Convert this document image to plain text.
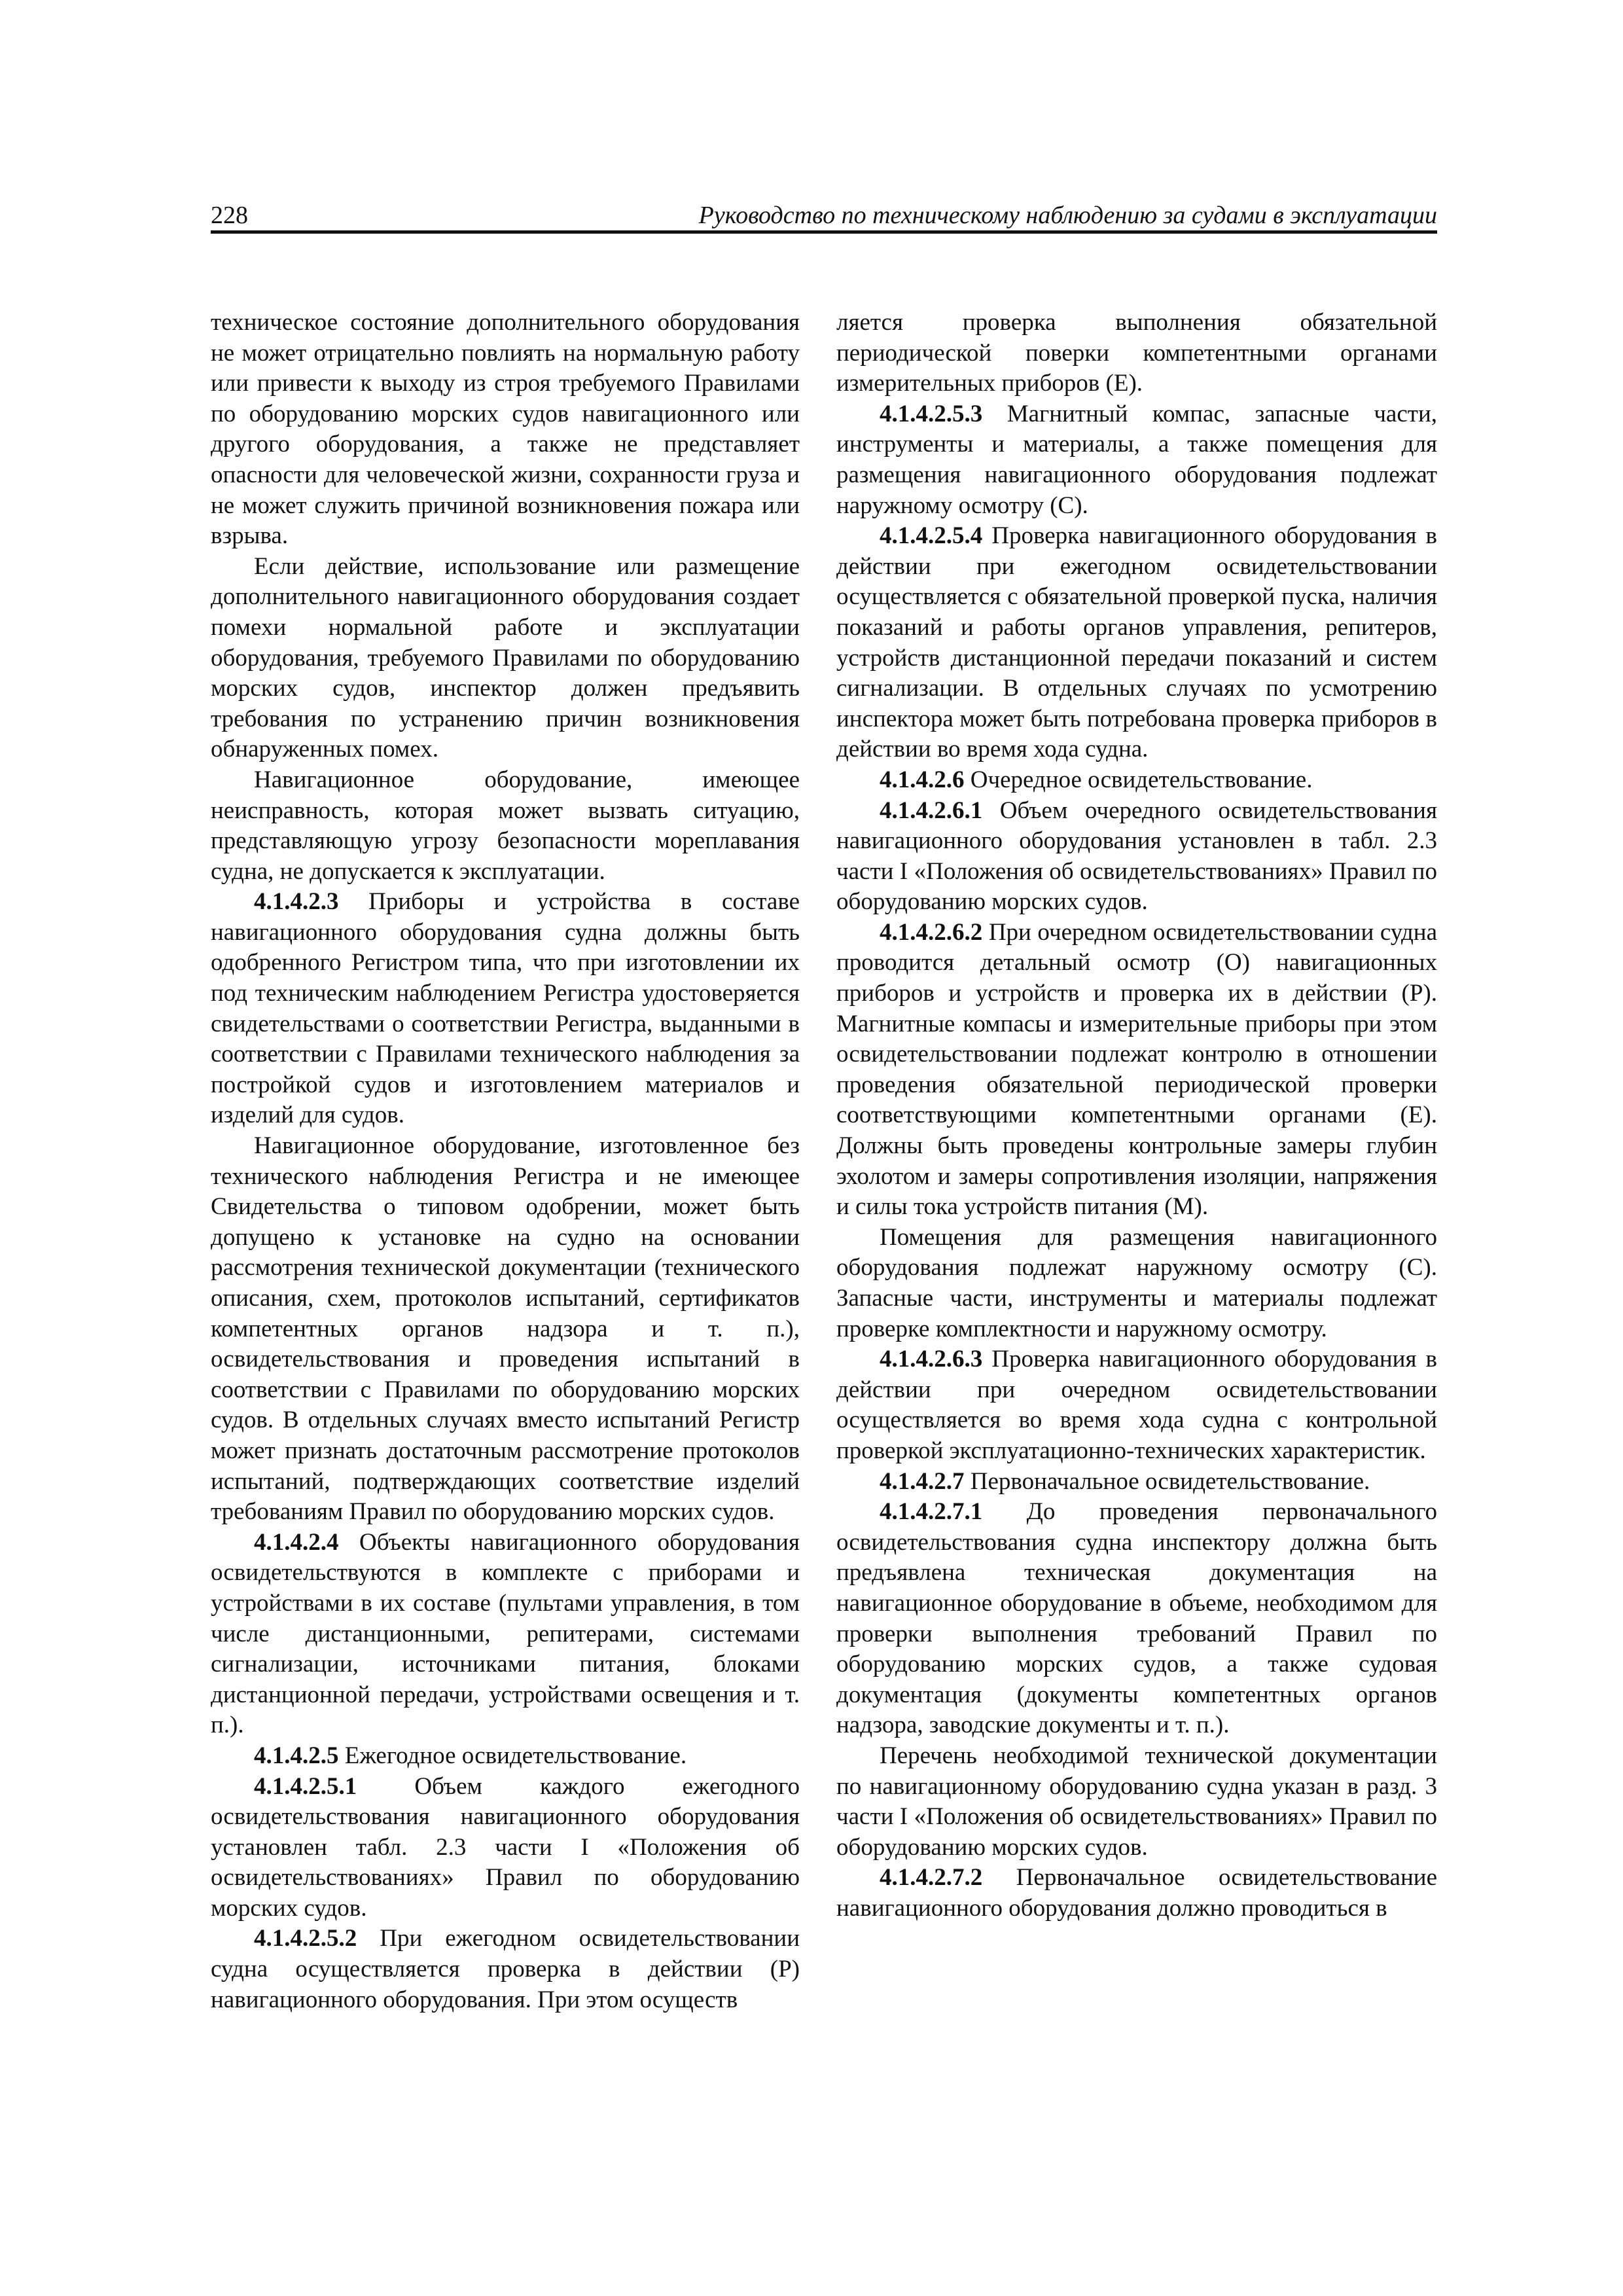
228	Руководство по техническому наблюдению за судами в эксплуатации

техническое состояние дополнительного оборудования не может отрицательно повлиять на нормальную работу или привести к выходу из строя требуемого Правилами по оборудованию морских судов навигационного или другого оборудования, а также не представляет опасности для человеческой жизни, сохранности груза и не может служить причиной возникновения пожара или взрыва.

Если действие, использование или размещение дополнительного навигационного оборудования создает помехи нормальной работе и эксплуатации оборудования, требуемого Правилами по оборудованию морских судов, инспектор должен предъявить требования по устранению причин возникновения обнаруженных помех.

Навигационное оборудование, имеющее неисправность, которая может вызвать ситуацию, представляющую угрозу безопасности мореплавания судна, не допускается к эксплуатации.

4.1.4.2.3 Приборы и устройства в составе навигационного оборудования судна должны быть одобренного Регистром типа, что при изготовлении их под техническим наблюдением Регистра удостоверяется свидетельствами о соответствии Регистра, выданными в соответствии с Правилами технического наблюдения за постройкой судов и изготовлением материалов и изделий для судов.

Навигационное оборудование, изготовленное без технического наблюдения Регистра и не имеющее Свидетельства о типовом одобрении, может быть допущено к установке на судно на основании рассмотрения технической документации (технического описания, схем, протоколов испытаний, сертификатов компетентных органов надзора и т. п.), освидетельствования и проведения испытаний в соответствии с Правилами по оборудованию морских судов. В отдельных случаях вместо испытаний Регистр может признать достаточным рассмотрение протоколов испытаний, подтверждающих соответствие изделий требованиям Правил по оборудованию морских судов.

4.1.4.2.4 Объекты навигационного оборудования освидетельствуются в комплекте с приборами и устройствами в их составе (пультами управления, в том числе дистанционными, репитерами, системами сигнализации, источниками питания, блоками дистанционной передачи, устройствами освещения и т. п.).

4.1.4.2.5 Ежегодное освидетельствование.

4.1.4.2.5.1 Объем каждого ежегодного освидетельствования навигационного оборудования установлен табл. 2.3 части I «Положения об освидетельствованиях» Правил по оборудованию морских судов.

4.1.4.2.5.2 При ежегодном освидетельствовании судна осуществляется проверка в действии (Р) навигационного оборудования. При этом осуществ

ляется проверка выполнения обязательной периодической поверки компетентными органами измерительных приборов (Е).

4.1.4.2.5.3 Магнитный компас, запасные части, инструменты и материалы, а также помещения для размещения навигационного оборудования подлежат наружному осмотру (С).

4.1.4.2.5.4 Проверка навигационного оборудования в действии при ежегодном освидетельствовании осуществляется с обязательной проверкой пуска, наличия показаний и работы органов управления, репитеров, устройств дистанционной передачи показаний и систем сигнализации. В отдельных случаях по усмотрению инспектора может быть потребована проверка приборов в действии во время хода судна.

4.1.4.2.6 Очередное освидетельствование.

4.1.4.2.6.1 Объем очередного освидетельствования навигационного оборудования установлен в табл. 2.3 части I «Положения об освидетельствованиях» Правил по оборудованию морских судов.

4.1.4.2.6.2 При очередном освидетельствовании судна проводится детальный осмотр (О) навигационных приборов и устройств и проверка их в действии (Р). Магнитные компасы и измерительные приборы при этом освидетельствовании подлежат контролю в отношении проведения обязательной периодической проверки соответствующими компетентными органами (Е). Должны быть проведены контрольные замеры глубин эхолотом и замеры сопротивления изоляции, напряжения и силы тока устройств питания (М).

Помещения для размещения навигационного оборудования подлежат наружному осмотру (С). Запасные части, инструменты и материалы подлежат проверке комплектности и наружному осмотру.

4.1.4.2.6.3 Проверка навигационного оборудования в действии при очередном освидетельствовании осуществляется во время хода судна с контрольной проверкой эксплуатационно-технических характеристик.

4.1.4.2.7 Первоначальное освидетельствование.

4.1.4.2.7.1 До проведения первоначального освидетельствования судна инспектору должна быть предъявлена техническая документация на навигационное оборудование в объеме, необходимом для проверки выполнения требований Правил по оборудованию морских судов, а также судовая документация (документы компетентных органов надзора, заводские документы и т. п.).

Перечень необходимой технической документации по навигационному оборудованию судна указан в разд. 3 части I «Положения об освидетельствованиях» Правил по оборудованию морских судов.

4.1.4.2.7.2 Первоначальное освидетельствование навигационного оборудования должно проводиться в
